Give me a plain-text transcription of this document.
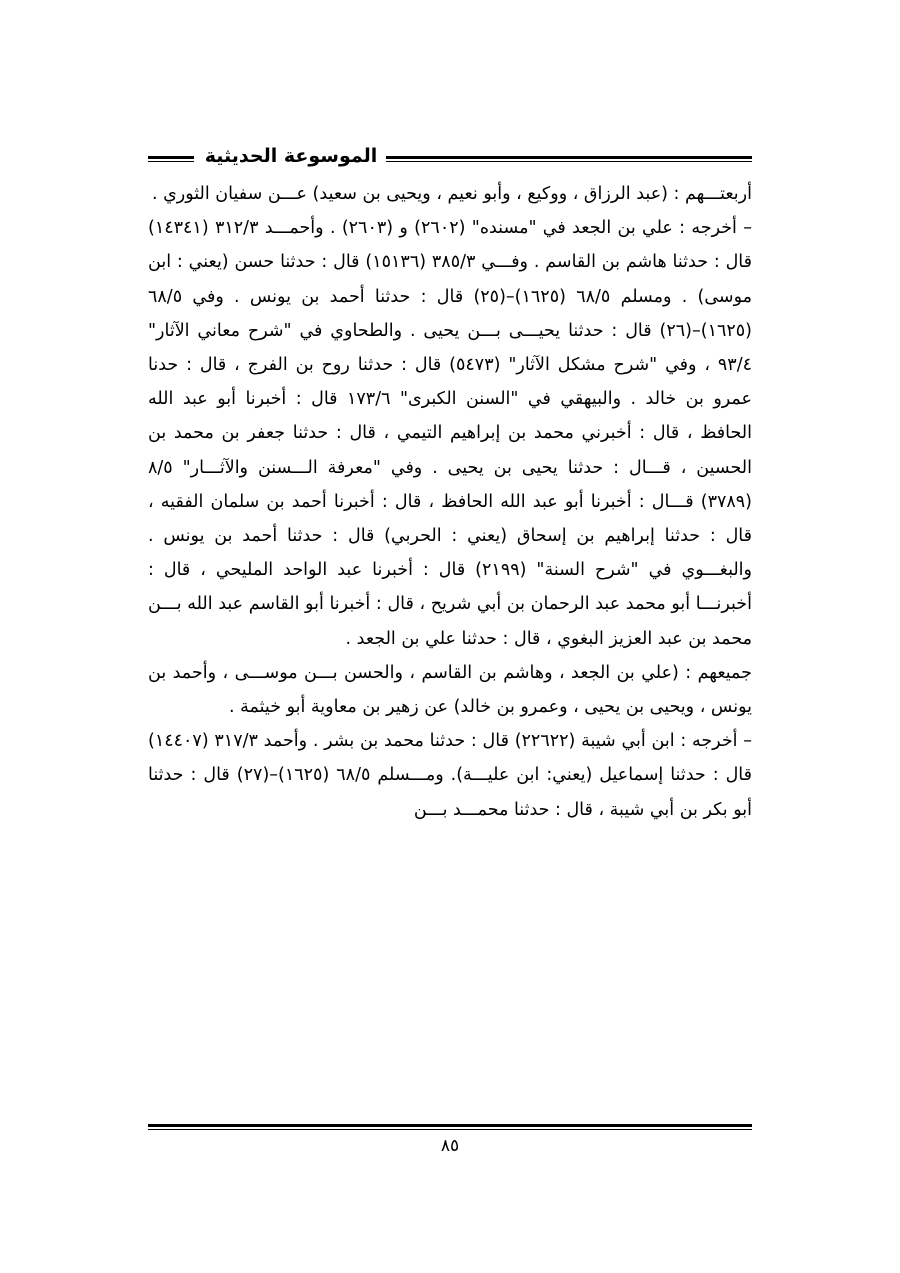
الموسوعة الحديثية

أربعتـــهم : (عبد الرزاق ، ووكيع ، وأبو نعيم ، ويحيى بن سعيد) عـــن سفيان الثوري .

– أخرجه : علي بن الجعد في "مسنده" (٢٦٠٢) و (٢٦٠٣) . وأحمـــد ٣١٢/٣ (١٤٣٤١) قال : حدثنا هاشم بن القاسم . وفـــي ٣٨٥/٣ (١٥١٣٦) قال : حدثنا حسن (يعني : ابن موسى) . ومسلم ٦٨/٥ (١٦٢٥)–(٢٥) قال : حدثنا أحمد بن يونس . وفي ٦٨/٥ (١٦٢٥)–(٢٦) قال : حدثنا يحيـــى بـــن يحيى . والطحاوي في "شرح معاني الآثار" ٩٣/٤ ، وفي "شرح مشكل الآثار" (٥٤٧٣) قال : حدثنا روح بن الفرج ، قال : حدنا عمرو بن خالد . والبيهقي في "السنن الكبرى" ١٧٣/٦ قال : أخبرنا أبو عبد الله الحافظ ، قال : أخبرني محمد بن إبراهيم التيمي ، قال : حدثنا جعفر بن محمد بن الحسين ، قـــال : حدثنا يحيى بن يحيى . وفي "معرفة الـــسنن والآثـــار" ٨/٥ (٣٧٨٩) قـــال : أخبرنا أبو عبد الله الحافظ ، قال : أخبرنا أحمد بن سلمان الفقيه ، قال : حدثنا إبراهيم بن إسحاق (يعني : الحربي) قال : حدثنا أحمد بن يونس . والبغـــوي في "شرح السنة" (٢١٩٩) قال : أخبرنا عبد الواحد المليحي ، قال : أخبرنـــا أبو محمد عبد الرحمان بن أبي شريح ، قال : أخبرنا أبو القاسم عبد الله بـــن محمد بن عبد العزيز البغوي ، قال : حدثنا علي بن الجعد .

جميعهم : (علي بن الجعد ، وهاشم بن القاسم ، والحسن بـــن موســـى ، وأحمد بن يونس ، ويحيى بن يحيى ، وعمرو بن خالد) عن زهير بن معاوية أبو خيثمة .

– أخرجه : ابن أبي شيبة (٢٢٦٢٢) قال : حدثنا محمد بن بشر . وأحمد ٣١٧/٣ (١٤٤٠٧) قال : حدثنا إسماعيل (يعني: ابن عليـــة). ومـــسلم ٦٨/٥ (١٦٢٥)–(٢٧) قال : حدثنا أبو بكر بن أبي شيبة ، قال : حدثنا محمـــد بـــن

٨٥
